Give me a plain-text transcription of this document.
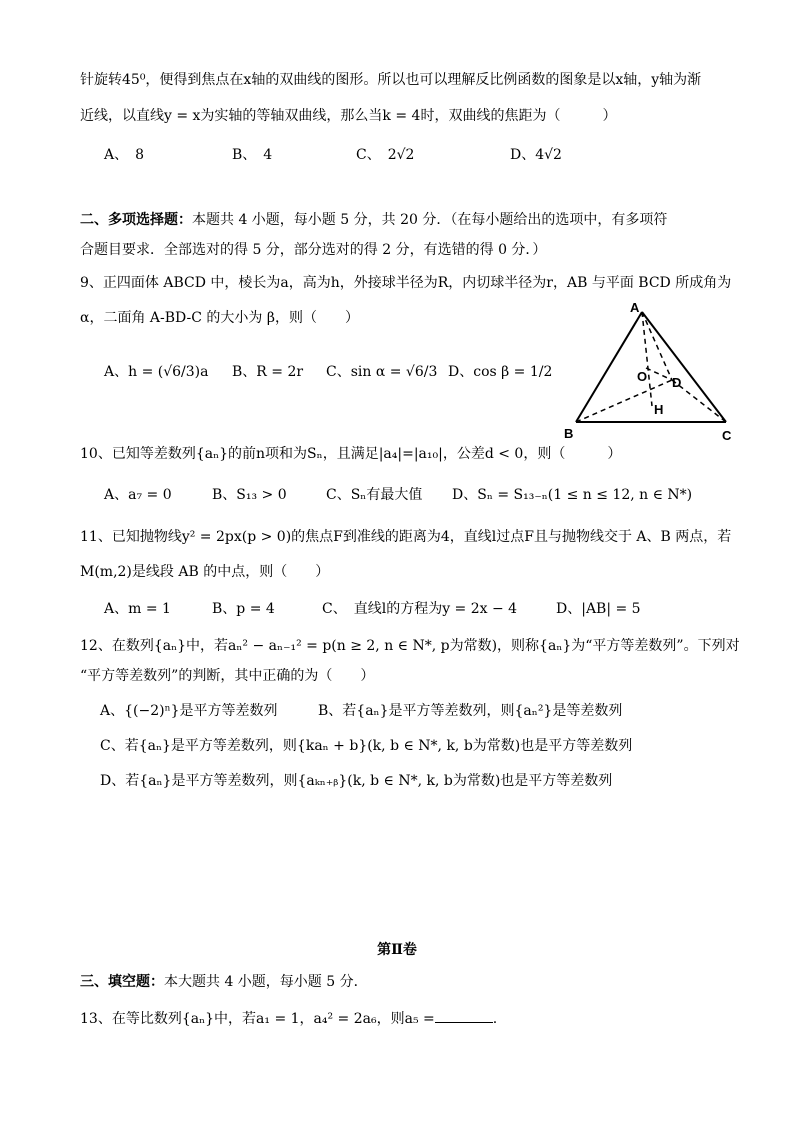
针旋转45⁰，便得到焦点在x轴的双曲线的图形。所以也可以理解反比例函数的图象是以x轴，y轴为渐
近线，以直线y = x为实轴的等轴双曲线，那么当k = 4时，双曲线的焦距为（　　　）
A、　8	B、　4	C、　2√2	D、4√2
二、多项选择题：本题共 4 小题，每小题 5 分，共 20 分．（在每小题给出的选项中，有多项符
合题目要求．全部选对的得 5 分，部分选对的得 2 分，有选错的得 0 分．）
9、正四面体 ABCD 中，棱长为a，高为h，外接球半径为R，内切球半径为r，AB 与平面 BCD 所成角为
α，二面角 A-BD-C 的大小为 β，则（　　）
A、h = (√6/3)a B、R = 2r C、sin α = √6/3 D、cos β = 1/2
A
B	C
D
O
H
10、已知等差数列{aₙ}的前n项和为Sₙ，且满足|a₄|=|a₁₀|，公差d < 0，则（　　　）
A、a₇ = 0	B、S₁₃ > 0	C、Sₙ有最大值 D、Sₙ = S₁₃₋ₙ(1 ≤ n ≤ 12, n ∈ N*)
11、已知抛物线y² = 2px(p > 0)的焦点F到准线的距离为4，直线l过点F且与抛物线交于 A、B 两点，若
M(m,2)是线段 AB 的中点，则（　　）
A、m = 1	B、p = 4	C、　直线l的方程为y = 2x − 4	D、|AB| = 5
12、在数列{aₙ}中，若aₙ² − aₙ₋₁² = p(n ≥ 2, n ∈ N*, p为常数)，则称{aₙ}为“平方等差数列”。下列对
“平方等差数列”的判断，其中正确的为（　　）
A、{(−2)ⁿ}是平方等差数列	B、若{aₙ}是平方等差数列，则{aₙ²}是等差数列
C、若{aₙ}是平方等差数列，则{kaₙ + b}(k, b ∈ N*, k, b为常数)也是平方等差数列
D、若{aₙ}是平方等差数列，则{aₖₙ₊ᵦ}(k, b ∈ N*, k, b为常数)也是平方等差数列
第Ⅱ卷
三、填空题：本大题共 4 小题，每小题 5 分．
13、在等比数列{aₙ}中，若a₁ = 1，a₄² = 2a₆，则a₅ =	.
